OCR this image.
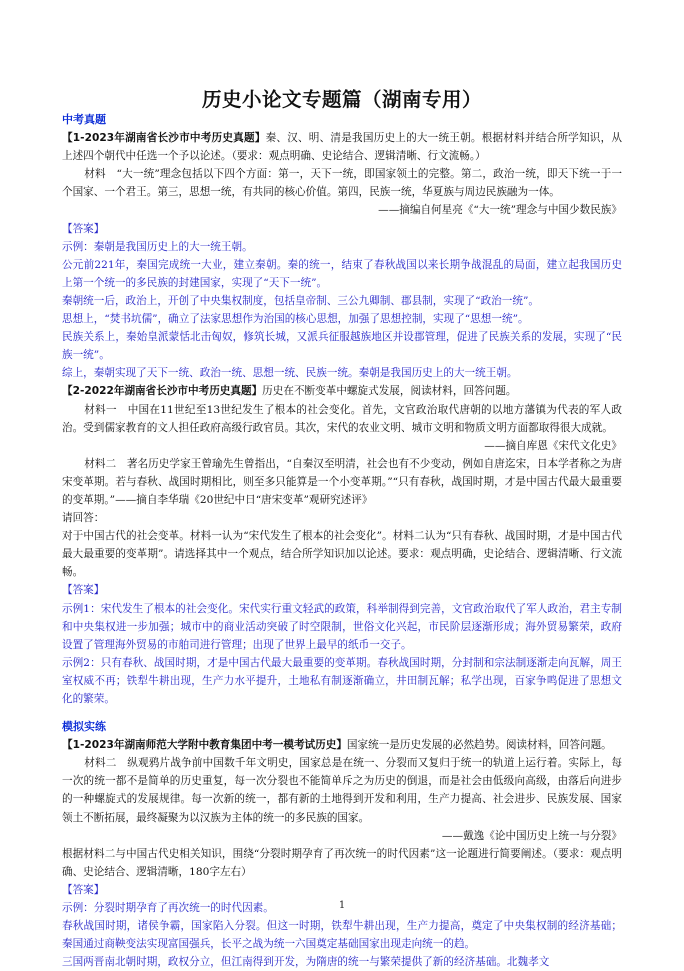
历史小论文专题篇（湖南专用）

中考真题

【1-2023年湖南省长沙市中考历史真题】秦、汉、明、清是我国历史上的大一统王朝。根据材料并结合所学知识，从上述四个朝代中任选一个予以论述。（要求：观点明确、史论结合、逻辑清晰、行文流畅。）

材料　“大一统”理念包括以下四个方面：第一，天下一统，即国家领土的完整。第二，政治一统，即天下统一于一个国家、一个君王。第三，思想一统，有共同的核心价值。第四，民族一统，华夏族与周边民族融为一体。

——摘编自何星亮《“大一统”理念与中国少数民族》

【答案】

示例：秦朝是我国历史上的大一统王朝。

公元前221年，秦国完成统一大业，建立秦朝。秦的统一，结束了春秋战国以来长期争战混乱的局面，建立起我国历史上第一个统一的多民族的封建国家，实现了“天下一统”。

秦朝统一后，政治上，开创了中央集权制度，包括皇帝制、三公九卿制、郡县制，实现了“政治一统”。

思想上，“焚书坑儒”，确立了法家思想作为治国的核心思想，加强了思想控制，实现了“思想一统”。

民族关系上，秦始皇派蒙恬北击匈奴，修筑长城，又派兵征服越族地区并设郡管理，促进了民族关系的发展，实现了“民族一统”。

综上，秦朝实现了天下一统、政治一统、思想一统、民族一统。秦朝是我国历史上的大一统王朝。

【2-2022年湖南省长沙市中考历史真题】历史在不断变革中螺旋式发展，阅读材料，回答问题。

材料一　中国在11世纪至13世纪发生了根本的社会变化。首先，文官政治取代唐朝的以地方藩镇为代表的军人政治。受到儒家教育的文人担任政府高级行政官员。其次，宋代的农业文明、城市文明和物质文明方面都取得很大成就。

——摘自库恩《宋代文化史》

材料二　著名历史学家王曾瑜先生曾指出，“自秦汉至明清，社会也有不少变动，例如自唐迄宋，日本学者称之为唐宋变革期。若与春秋、战国时期相比，则至多只能算是一个小变革期。”“只有春秋，战国时期，才是中国古代最大最重要的变革期。”——摘自李华瑞《20世纪中日“唐宋变革”观研究述评》

请回答：

对于中国古代的社会变革。材料一认为“宋代发生了根本的社会变化”。材料二认为“只有春秋、战国时期，才是中国古代最大最重要的变革期”。请选择其中一个观点，结合所学知识加以论述。要求：观点明确，史论结合、逻辑清晰、行文流畅。

【答案】

示例1：宋代发生了根本的社会变化。宋代实行重文轻武的政策，科举制得到完善，文官政治取代了军人政治，君主专制和中央集权进一步加强；城市中的商业活动突破了时空限制，世俗文化兴起，市民阶层逐渐形成；海外贸易繁荣，政府设置了管理海外贸易的市舶司进行管理；出现了世界上最早的纸币一交子。

示例2：只有春秋、战国时期，才是中国古代最大最重要的变革期。春秋战国时期，分封制和宗法制逐渐走向瓦解，周王室权威不再；铁犁牛耕出现，生产力水平提升，土地私有制逐渐确立，井田制瓦解；私学出现，百家争鸣促进了思想文化的繁荣。

模拟实练

【1-2023年湖南师范大学附中教育集团中考一模考试历史】国家统一是历史发展的必然趋势。阅读材料，回答问题。

材料二　纵观鸦片战争前中国数千年文明史，国家总是在统一、分裂而又复归于统一的轨道上运行着。实际上，每一次的统一都不是简单的历史重复，每一次分裂也不能简单斥之为历史的倒退，而是社会由低级向高级，由落后向进步的一种螺旋式的发展规律。每一次新的统一，都有新的土地得到开发和利用，生产力提高、社会进步、民族发展、国家领土不断拓展，最终凝聚为以汉族为主体的统一的多民族的国家。

——戴逸《论中国历史上统一与分裂》

根据材料二与中国古代史相关知识，围绕“分裂时期孕育了再次统一的时代因素”这一论题进行简要阐述。（要求：观点明确、史论结合、逻辑清晰，180字左右）

【答案】

示例：分裂时期孕育了再次统一的时代因素。

春秋战国时期，诸侯争霸，国家陷入分裂。但这一时期，铁犁牛耕出现，生产力提高，奠定了中央集权制的经济基础；秦国通过商鞅变法实现富国强兵，长平之战为统一六国奠定基础国家出现走向统一的趋。

三国两晋南北朝时期，政权分立，但江南得到开发，为隋唐的统一与繁荣提供了新的经济基础。北魏孝文

1
